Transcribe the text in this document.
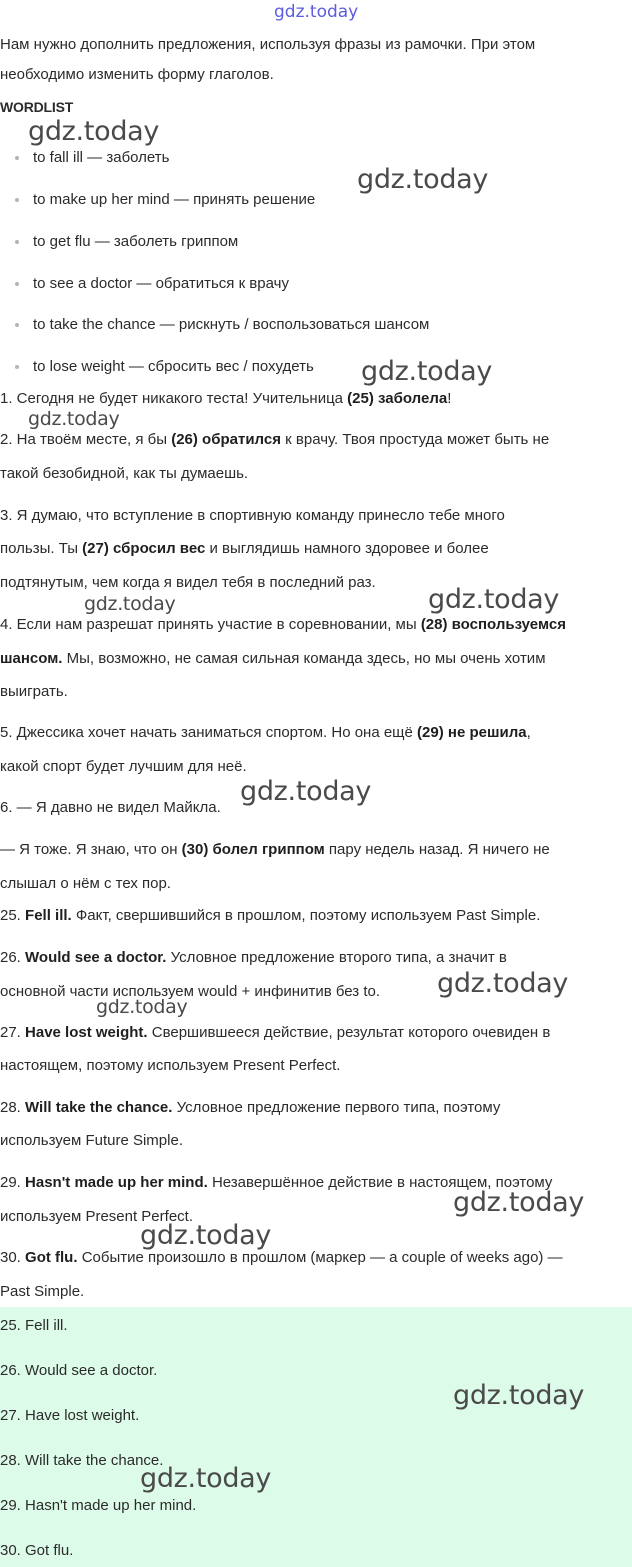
gdz.today
Нам нужно дополнить предложения, используя фразы из рамочки. При этом
необходимо изменить форму глаголов.
WORDLIST
to fall ill — заболеть
to make up her mind — принять решение
to get flu — заболеть гриппом
to see a doctor — обратиться к врачу
to take the chance — рискнуть / воспользоваться шансом
to lose weight — сбросить вес / похудеть
1. Сегодня не будет никакого теста! Учительница (25) заболела!
2. На твоём месте, я бы (26) обратился к врачу. Твоя простуда может быть не
такой безобидной, как ты думаешь.
3. Я думаю, что вступление в спортивную команду принесло тебе много
пользы. Ты (27) сбросил вес и выглядишь намного здоровее и более
подтянутым, чем когда я видел тебя в последний раз.
4. Если нам разрешат принять участие в соревновании, мы (28) воспользуемся
шансом. Мы, возможно, не самая сильная команда здесь, но мы очень хотим
выиграть.
5. Джессика хочет начать заниматься спортом. Но она ещё (29) не решила,
какой спорт будет лучшим для неё.
6. — Я давно не видел Майкла.
— Я тоже. Я знаю, что он (30) болел гриппом пару недель назад. Я ничего не
слышал о нём с тех пор.
25. Fell ill. Факт, свершившийся в прошлом, поэтому используем Past Simple.
26. Would see a doctor. Условное предложение второго типа, а значит в
основной части используем would + инфинитив без to.
27. Have lost weight. Свершившееся действие, результат которого очевиден в
настоящем, поэтому используем Present Perfect.
28. Will take the chance. Условное предложение первого типа, поэтому
используем Future Simple.
29. Hasn't made up her mind. Незавершённое действие в настоящем, поэтому
используем Present Perfect.
30. Got flu. Событие произошло в прошлом (маркер — a couple of weeks ago) —
Past Simple.
25. Fell ill.
26. Would see a doctor.
27. Have lost weight.
28. Will take the chance.
29. Hasn't made up her mind.
30. Got flu.
gdz.today
gdz.today
gdz.today
gdz.today
gdz.today	gdz.today
gdz.today
gdz.today
gdz.today
gdz.today
gdz.today
gdz.today
gdz.today
